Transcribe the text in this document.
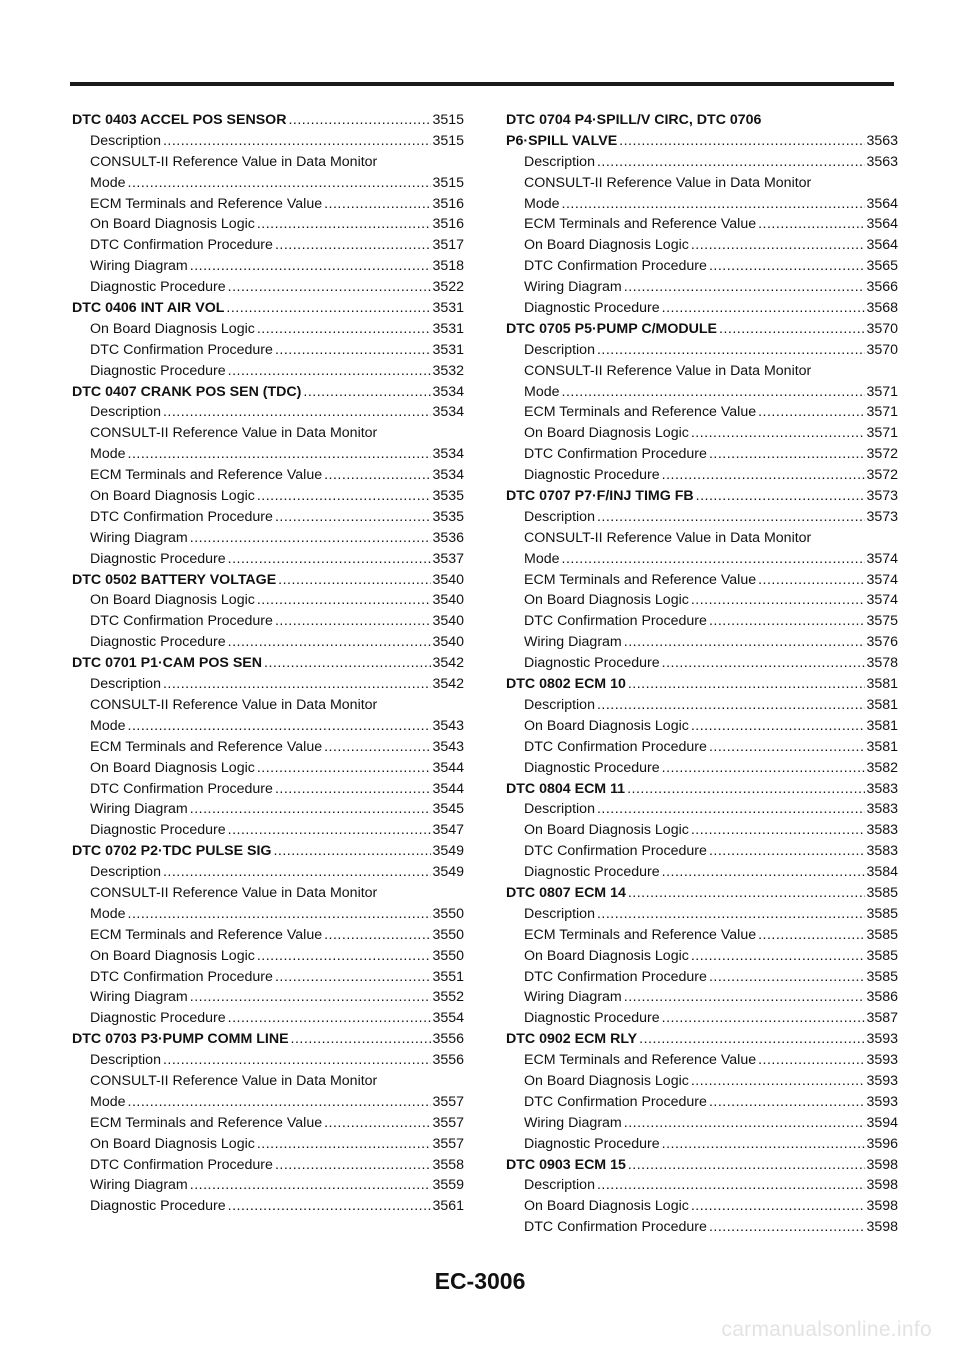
DTC 0403 ACCEL POS SENSOR .....	3515
Description .....	3515
CONSULT-II Reference Value in Data Monitor
Mode .....	3515
ECM Terminals and Reference Value .....	3516
On Board Diagnosis Logic .....	3516
DTC Confirmation Procedure .....	3517
Wiring Diagram .....	3518
Diagnostic Procedure .....	3522
DTC 0406 INT AIR VOL .....	3531
On Board Diagnosis Logic .....	3531
DTC Confirmation Procedure .....	3531
Diagnostic Procedure .....	3532
DTC 0407 CRANK POS SEN (TDC) .....	3534
Description .....	3534
CONSULT-II Reference Value in Data Monitor
Mode .....	3534
ECM Terminals and Reference Value .....	3534
On Board Diagnosis Logic .....	3535
DTC Confirmation Procedure .....	3535
Wiring Diagram .....	3536
Diagnostic Procedure .....	3537
DTC 0502 BATTERY VOLTAGE .....	3540
On Board Diagnosis Logic .....	3540
DTC Confirmation Procedure .....	3540
Diagnostic Procedure .....	3540
DTC 0701 P1·CAM POS SEN .....	3542
Description .....	3542
CONSULT-II Reference Value in Data Monitor
Mode .....	3543
ECM Terminals and Reference Value .....	3543
On Board Diagnosis Logic .....	3544
DTC Confirmation Procedure .....	3544
Wiring Diagram .....	3545
Diagnostic Procedure .....	3547
DTC 0702 P2·TDC PULSE SIG .....	3549
Description .....	3549
CONSULT-II Reference Value in Data Monitor
Mode .....	3550
ECM Terminals and Reference Value .....	3550
On Board Diagnosis Logic .....	3550
DTC Confirmation Procedure .....	3551
Wiring Diagram .....	3552
Diagnostic Procedure .....	3554
DTC 0703 P3·PUMP COMM LINE .....	3556
Description .....	3556
CONSULT-II Reference Value in Data Monitor
Mode .....	3557
ECM Terminals and Reference Value .....	3557
On Board Diagnosis Logic .....	3557
DTC Confirmation Procedure .....	3558
Wiring Diagram .....	3559
Diagnostic Procedure .....	3561
DTC 0704 P4·SPILL/V CIRC, DTC 0706
P6·SPILL VALVE .....	3563
Description .....	3563
CONSULT-II Reference Value in Data Monitor
Mode .....	3564
ECM Terminals and Reference Value .....	3564
On Board Diagnosis Logic .....	3564
DTC Confirmation Procedure .....	3565
Wiring Diagram .....	3566
Diagnostic Procedure .....	3568
DTC 0705 P5·PUMP C/MODULE .....	3570
Description .....	3570
CONSULT-II Reference Value in Data Monitor
Mode .....	3571
ECM Terminals and Reference Value .....	3571
On Board Diagnosis Logic .....	3571
DTC Confirmation Procedure .....	3572
Diagnostic Procedure .....	3572
DTC 0707 P7·F/INJ TIMG FB .....	3573
Description .....	3573
CONSULT-II Reference Value in Data Monitor
Mode .....	3574
ECM Terminals and Reference Value .....	3574
On Board Diagnosis Logic .....	3574
DTC Confirmation Procedure .....	3575
Wiring Diagram .....	3576
Diagnostic Procedure .....	3578
DTC 0802 ECM 10 .....	3581
Description .....	3581
On Board Diagnosis Logic .....	3581
DTC Confirmation Procedure .....	3581
Diagnostic Procedure .....	3582
DTC 0804 ECM 11 .....	3583
Description .....	3583
On Board Diagnosis Logic .....	3583
DTC Confirmation Procedure .....	3583
Diagnostic Procedure .....	3584
DTC 0807 ECM 14 .....	3585
Description .....	3585
ECM Terminals and Reference Value .....	3585
On Board Diagnosis Logic .....	3585
DTC Confirmation Procedure .....	3585
Wiring Diagram .....	3586
Diagnostic Procedure .....	3587
DTC 0902 ECM RLY .....	3593
ECM Terminals and Reference Value .....	3593
On Board Diagnosis Logic .....	3593
DTC Confirmation Procedure .....	3593
Wiring Diagram .....	3594
Diagnostic Procedure .....	3596
DTC 0903 ECM 15 .....	3598
Description .....	3598
On Board Diagnosis Logic .....	3598
DTC Confirmation Procedure .....	3598
EC-3006
carmanualsonline.info
